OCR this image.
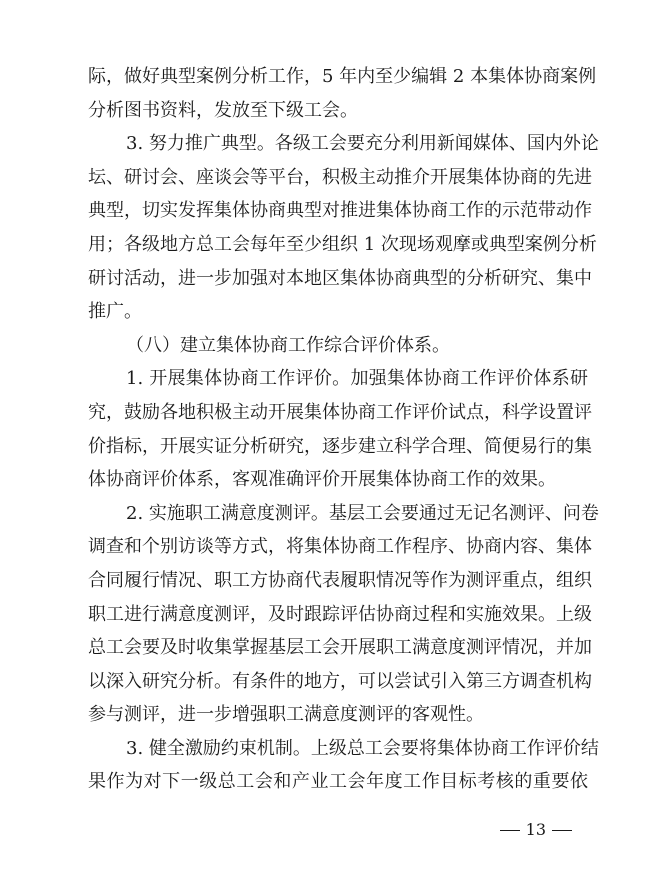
际，做好典型案例分析工作，5 年内至少编辑 2 本集体协商案例
分析图书资料，发放至下级工会。
3. 努力推广典型。各级工会要充分利用新闻媒体、国内外论
坛、研讨会、座谈会等平台，积极主动推介开展集体协商的先进
典型，切实发挥集体协商典型对推进集体协商工作的示范带动作
用；各级地方总工会每年至少组织 1 次现场观摩或典型案例分析
研讨活动，进一步加强对本地区集体协商典型的分析研究、集中
推广。
（八）建立集体协商工作综合评价体系。
1. 开展集体协商工作评价。加强集体协商工作评价体系研
究，鼓励各地积极主动开展集体协商工作评价试点，科学设置评
价指标，开展实证分析研究，逐步建立科学合理、简便易行的集
体协商评价体系，客观准确评价开展集体协商工作的效果。
2. 实施职工满意度测评。基层工会要通过无记名测评、问卷
调查和个别访谈等方式，将集体协商工作程序、协商内容、集体
合同履行情况、职工方协商代表履职情况等作为测评重点，组织
职工进行满意度测评，及时跟踪评估协商过程和实施效果。上级
总工会要及时收集掌握基层工会开展职工满意度测评情况，并加
以深入研究分析。有条件的地方，可以尝试引入第三方调查机构
参与测评，进一步增强职工满意度测评的客观性。
3. 健全激励约束机制。上级总工会要将集体协商工作评价结
果作为对下一级总工会和产业工会年度工作目标考核的重要依
13
